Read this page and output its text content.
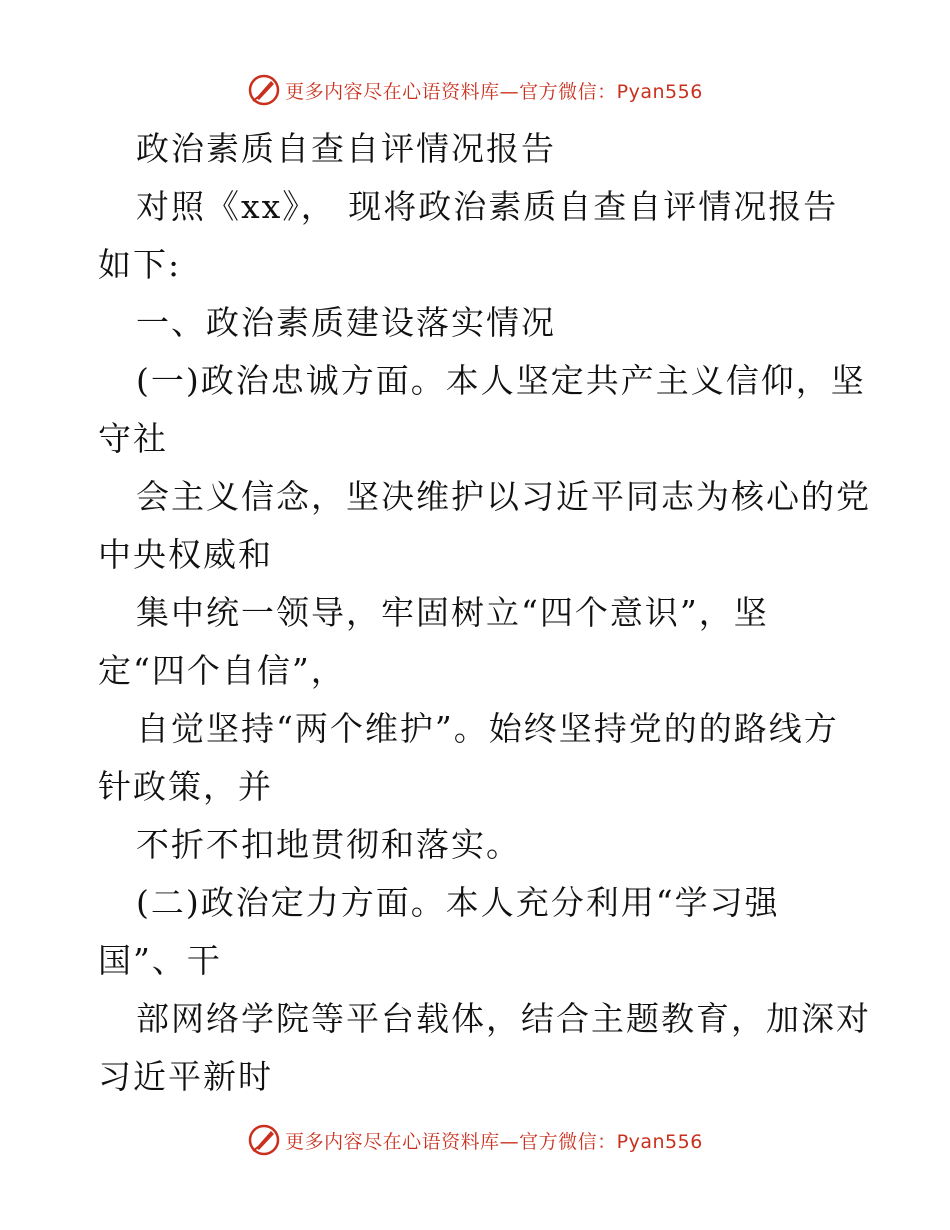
更多内容尽在心语资料库—官方微信：Pyan556
政治素质自查自评情况报告
对照《xx》， 现将政治素质自查自评情况报告
如下:
一、政治素质建设落实情况
(一)政治忠诚方面。本人坚定共产主义信仰，坚
守社
会主义信念，坚决维护以习近平同志为核心的党
中央权威和
集中统一领导，牢固树立“四个意识”，坚
定“四个自信”，
自觉坚持“两个维护”。始终坚持党的的路线方
针政策，并
不折不扣地贯彻和落实。
(二)政治定力方面。本人充分利用“学习强
国”、干
部网络学院等平台载体，结合主题教育，加深对
习近平新时
更多内容尽在心语资料库—官方微信：Pyan556
